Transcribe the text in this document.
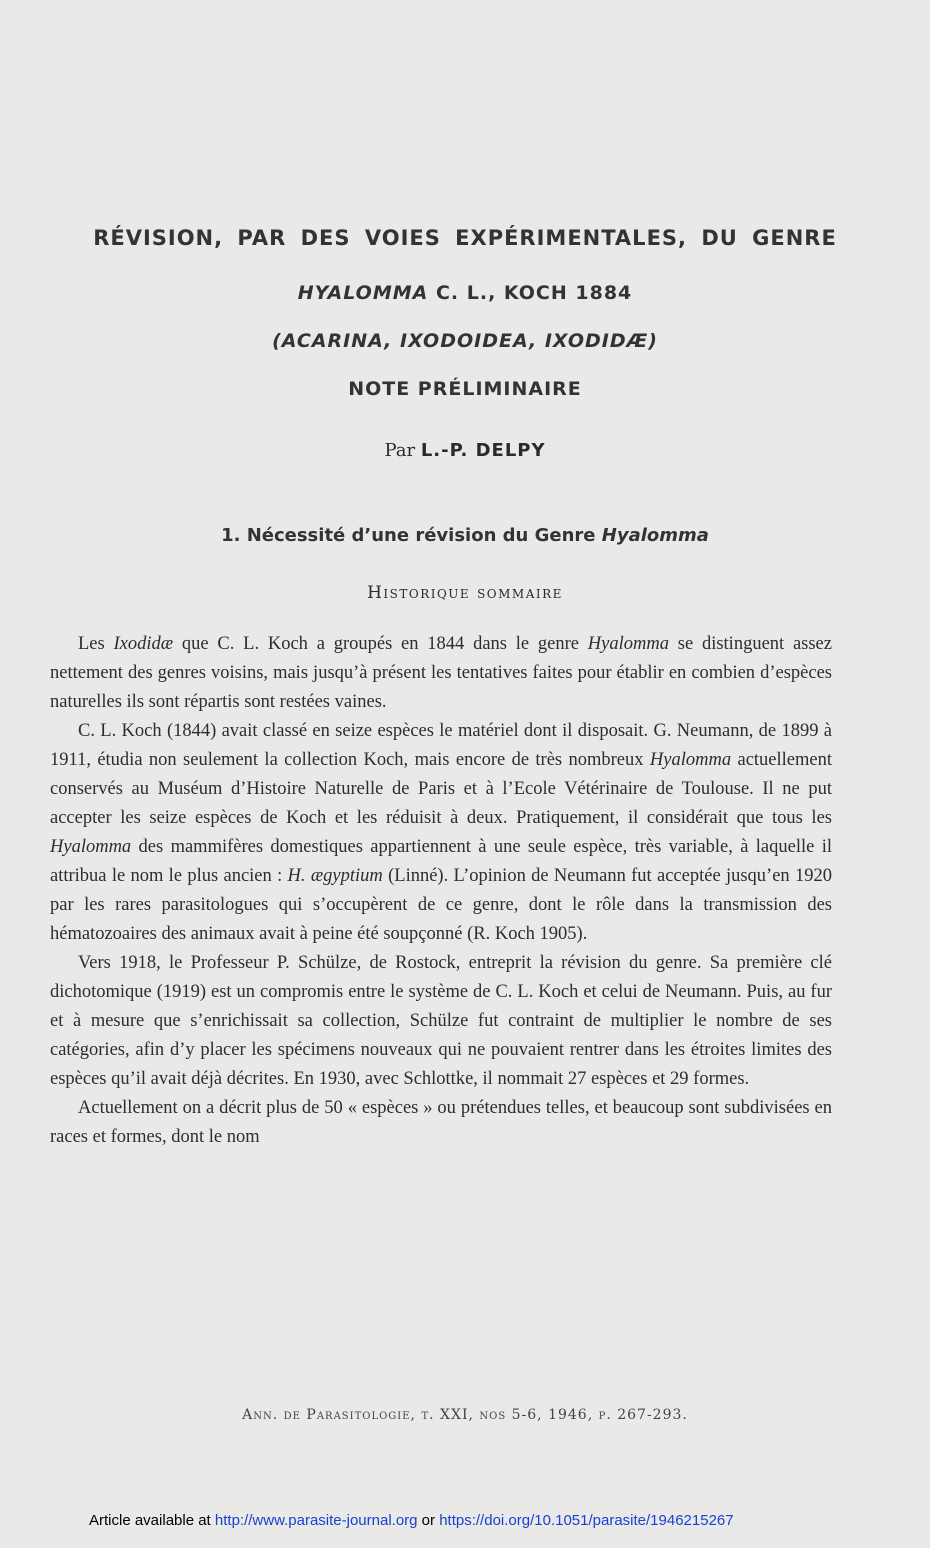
RÉVISION, PAR DES VOIES EXPÉRIMENTALES, DU GENRE
HYALOMMA C. L., KOCH 1884
(ACARINA, IXODOIDEA, IXODIDÆ)
NOTE PRÉLIMINAIRE
Par L.-P. DELPY
1. Nécessité d’une révision du Genre Hyalomma
Historique sommaire

Les Ixodidæ que C. L. Koch a groupés en 1844 dans le genre Hyalomma se distinguent assez nettement des genres voisins, mais jusqu’à présent les tentatives faites pour établir en combien d’espèces naturelles ils sont répartis sont restées vaines.

C. L. Koch (1844) avait classé en seize espèces le matériel dont il disposait. G. Neumann, de 1899 à 1911, étudia non seulement la collection Koch, mais encore de très nombreux Hyalomma actuellement conservés au Muséum d’Histoire Naturelle de Paris et à l’Ecole Vétérinaire de Toulouse. Il ne put accepter les seize espèces de Koch et les réduisit à deux. Pratiquement, il considérait que tous les Hyalomma des mammifères domestiques appartiennent à une seule espèce, très variable, à laquelle il attribua le nom le plus ancien : H. ægyptium (Linné). L’opinion de Neumann fut acceptée jusqu’en 1920 par les rares parasitologues qui s’occupèrent de ce genre, dont le rôle dans la transmission des hématozoaires des animaux avait à peine été soupçonné (R. Koch 1905).

Vers 1918, le Professeur P. Schülze, de Rostock, entreprit la révision du genre. Sa première clé dichotomique (1919) est un compromis entre le système de C. L. Koch et celui de Neumann. Puis, au fur et à mesure que s’enrichissait sa collection, Schülze fut contraint de multiplier le nombre de ses catégories, afin d’y placer les spécimens nouveaux qui ne pouvaient rentrer dans les étroites limites des espèces qu’il avait déjà décrites. En 1930, avec Schlottke, il nommait 27 espèces et 29 formes.

Actuellement on a décrit plus de 50 « espèces » ou prétendues telles, et beaucoup sont subdivisées en races et formes, dont le nom

Ann. de Parasitologie, t. XXI, nos 5-6, 1946, p. 267-293.
Article available at http://www.parasite-journal.org or https://doi.org/10.1051/parasite/1946215267
